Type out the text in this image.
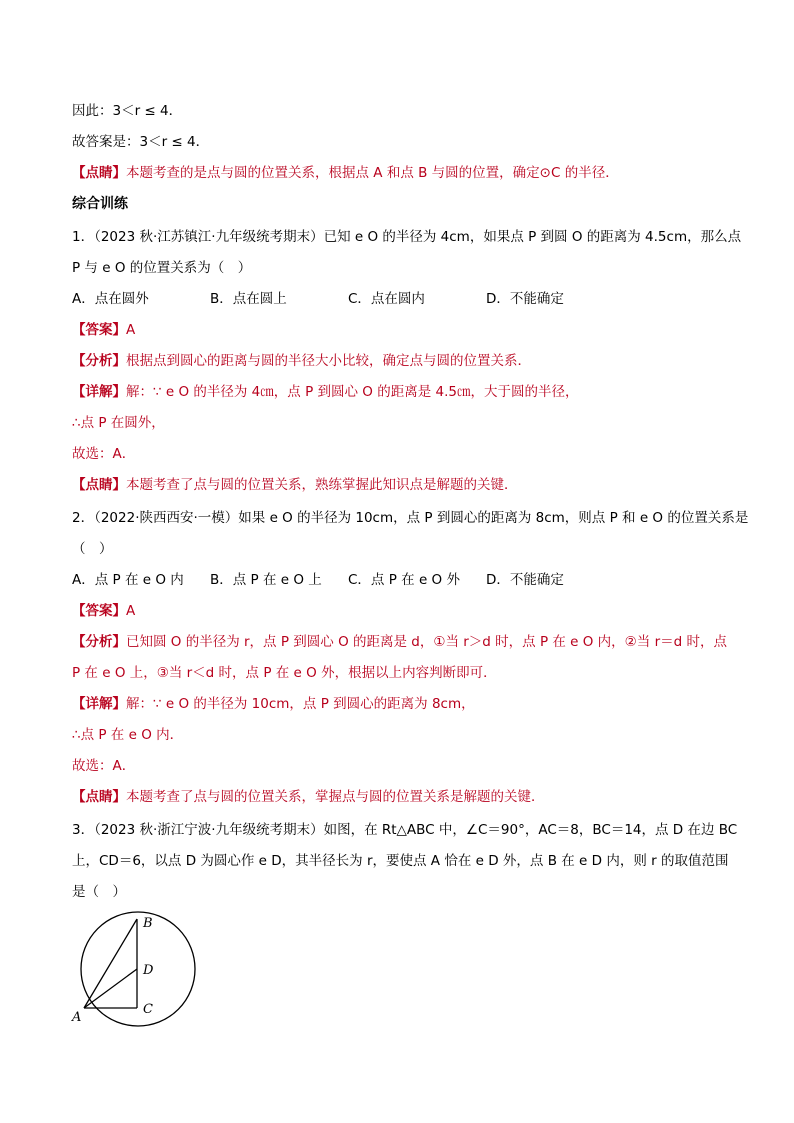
因此：3＜r ≤ 4．
故答案是：3＜r ≤ 4．
【点睛】本题考查的是点与圆的位置关系，根据点 A 和点 B 与圆的位置，确定⊙C 的半径．
综合训练
1．（2023 秋·江苏镇江·九年级统考期末）已知 e O 的半径为 4cm，如果点 P 到圆 O 的距离为 4.5cm，那么点
P 与 e O 的位置关系为（　）
A．点在圆外	B．点在圆上	C．点在圆内	D．不能确定
【答案】A
【分析】根据点到圆心的距离与圆的半径大小比较，确定点与圆的位置关系．
【详解】解：∵ e O 的半径为 4㎝，点 P 到圆心 O 的距离是 4.5㎝，大于圆的半径，
∴点 P 在圆外，
故选：A．
【点睛】本题考查了点与圆的位置关系，熟练掌握此知识点是解题的关键．
2．（2022·陕西西安·一模）如果 e O 的半径为 10cm，点 P 到圆心的距离为 8cm，则点 P 和 e O 的位置关系是
（　）
A．点 P 在 e O 内 B．点 P 在 e O 上 C．点 P 在 e O 外 D．不能确定
【答案】A
【分析】已知圆 O 的半径为 r，点 P 到圆心 O 的距离是 d，①当 r＞d 时，点 P 在 e O 内，②当 r＝d 时，点
P 在 e O 上，③当 r＜d 时，点 P 在 e O 外，根据以上内容判断即可．
【详解】解：∵ e O 的半径为 10cm，点 P 到圆心的距离为 8cm，
∴点 P 在 e O 内．
故选：A．
【点睛】本题考查了点与圆的位置关系，掌握点与圆的位置关系是解题的关键．
3．（2023 秋·浙江宁波·九年级统考期末）如图，在 Rt△ABC 中，∠C＝90°，AC＝8，BC＝14，点 D 在边 BC
上，CD＝6，以点 D 为圆心作 e D，其半径长为 r，要使点 A 恰在 e D 外，点 B 在 e D 内，则 r 的取值范围
是（　）
B
D
C
A
